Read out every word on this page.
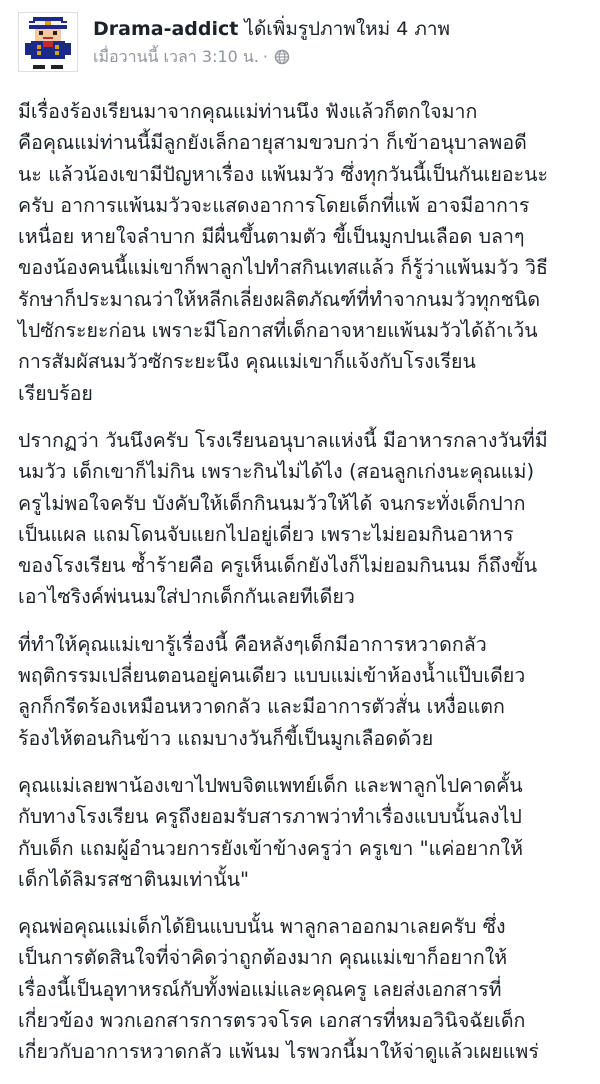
Drama-addict ได้เพิ่มรูปภาพใหม่ 4 ภาพ
เมื่อวานนี้ เวลา 3:10 น. ·

มีเรื่องร้องเรียนมาจากคุณแม่ท่านนึง ฟังแล้วก็ตกใจมาก
คือคุณแม่ท่านนี้มีลูกยังเล็กอายุสามขวบกว่า ก็เข้าอนุบาลพอดี
นะ แล้วน้องเขามีปัญหาเรื่อง แพ้นมวัว ซึ่งทุกวันนี้เป็นกันเยอะนะ
ครับ อาการแพ้นมวัวจะแสดงอาการโดยเด็กที่แพ้ อาจมีอาการ
เหนื่อย หายใจลำบาก มีผื่นขึ้นตามตัว ขี้เป็นมูกปนเลือด บลาๆ
ของน้องคนนี้แม่เขาก็พาลูกไปทำสกินเทสแล้ว ก็รู้ว่าแพ้นมวัว วิธี
รักษาก็ประมาณว่าให้หลีกเลี่ยงผลิตภัณฑ์ที่ทำจากนมวัวทุกชนิด
ไปซักระยะก่อน เพราะมีโอกาสที่เด็กอาจหายแพ้นมวัวได้ถ้าเว้น
การสัมผัสนมวัวซักระยะนึง คุณแม่เขาก็แจ้งกับโรงเรียน
เรียบร้อย

ปรากฏว่า วันนึงครับ โรงเรียนอนุบาลแห่งนี้ มีอาหารกลางวันที่มี
นมวัว เด็กเขาก็ไม่กิน เพราะกินไม่ได้ไง (สอนลูกเก่งนะคุณแม่)
ครูไม่พอใจครับ บังคับให้เด็กกินนมวัวให้ได้ จนกระทั่งเด็กปาก
เป็นแผล แถมโดนจับแยกไปอยู่เดี่ยว เพราะไม่ยอมกินอาหาร
ของโรงเรียน ซ้ำร้ายคือ ครูเห็นเด็กยังไงก็ไม่ยอมกินนม ก็ถึงขั้น
เอาไซริงค์พ่นนมใส่ปากเด็กกันเลยทีเดียว

ที่ทำให้คุณแม่เขารู้เรื่องนี้ คือหลังๆเด็กมีอาการหวาดกลัว
พฤติกรรมเปลี่ยนตอนอยู่คนเดียว แบบแม่เข้าห้องน้ำแป๊บเดียว
ลูกก็กรีดร้องเหมือนหวาดกลัว และมีอาการตัวสั่น เหงื่อแตก
ร้องไห้ตอนกินข้าว แถมบางวันก็ขี้เป็นมูกเลือดด้วย

คุณแม่เลยพาน้องเขาไปพบจิตแพทย์เด็ก และพาลูกไปคาดคั้น
กับทางโรงเรียน ครูถึงยอมรับสารภาพว่าทำเรื่องแบบนั้นลงไป
กับเด็ก แถมผู้อำนวยการยังเข้าข้างครูว่า ครูเขา "แค่อยากให้
เด็กได้ลิมรสชาตินมเท่านั้น"

คุณพ่อคุณแม่เด็กได้ยินแบบนั้น พาลูกลาออกมาเลยครับ ซึ่ง
เป็นการตัดสินใจที่จ่าคิดว่าถูกต้องมาก คุณแม่เขาก็อยากให้
เรื่องนี้เป็นอุทาหรณ์กับทั้งพ่อแม่และคุณครู เลยส่งเอกสารที่
เกี่ยวข้อง พวกเอกสารการตรวจโรค เอกสารที่หมอวินิจฉัยเด็ก
เกี่ยวกับอาการหวาดกลัว แพ้นม ไรพวกนี้มาให้จ่าดูแล้วเผยแพร่
